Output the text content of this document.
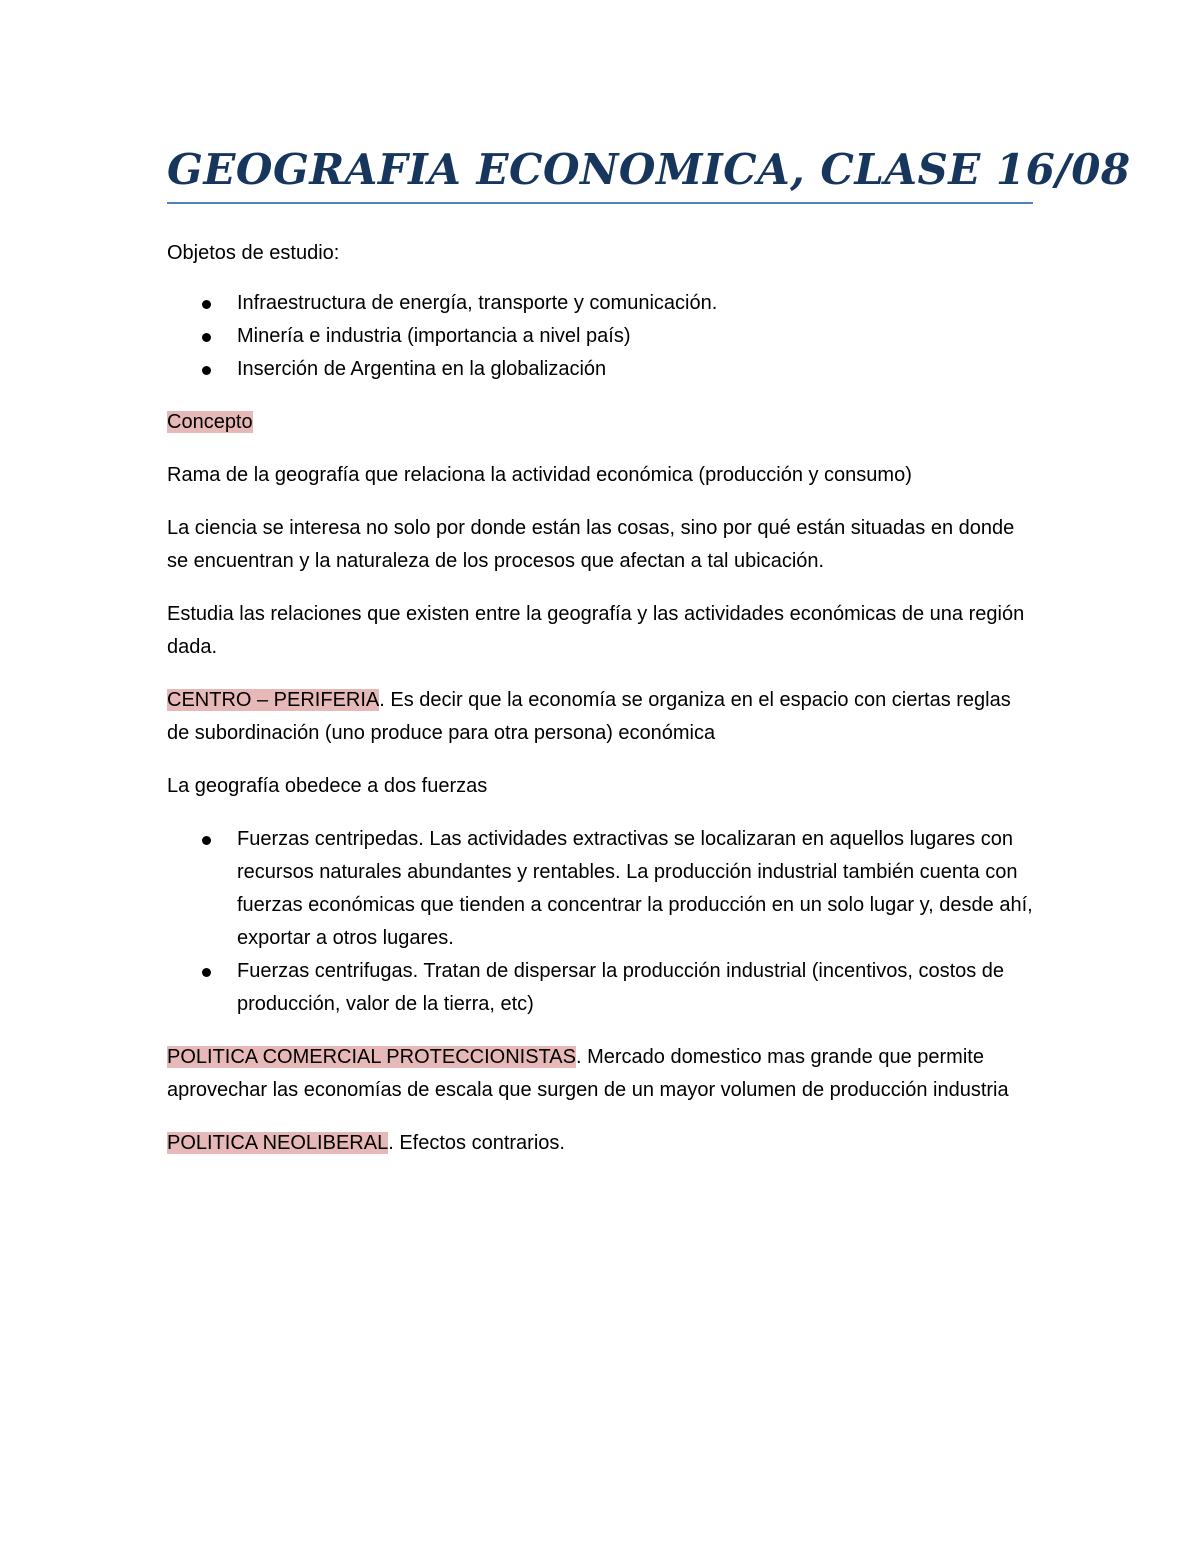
GEOGRAFIA ECONOMICA, CLASE 16/08

Objetos de estudio:

Infraestructura de energía, transporte y comunicación.
Minería e industria (importancia a nivel país)
Inserción de Argentina en la globalización

Concepto

Rama de la geografía que relaciona la actividad económica (producción y consumo)

La ciencia se interesa no solo por donde están las cosas, sino por qué están situadas en donde se encuentran y la naturaleza de los procesos que afectan a tal ubicación.

Estudia las relaciones que existen entre la geografía y las actividades económicas de una región dada.

CENTRO – PERIFERIA. Es decir que la economía se organiza en el espacio con ciertas reglas de subordinación (uno produce para otra persona) económica

La geografía obedece a dos fuerzas

Fuerzas centripedas. Las actividades extractivas se localizaran en aquellos lugares con recursos naturales abundantes y rentables. La producción industrial también cuenta con fuerzas económicas que tienden a concentrar la producción en un solo lugar y, desde ahí, exportar a otros lugares.
Fuerzas centrifugas. Tratan de dispersar la producción industrial (incentivos, costos de producción, valor de la tierra, etc)

POLITICA COMERCIAL PROTECCIONISTAS. Mercado domestico mas grande que permite aprovechar las economías de escala que surgen de un mayor volumen de producción industria

POLITICA NEOLIBERAL. Efectos contrarios.
